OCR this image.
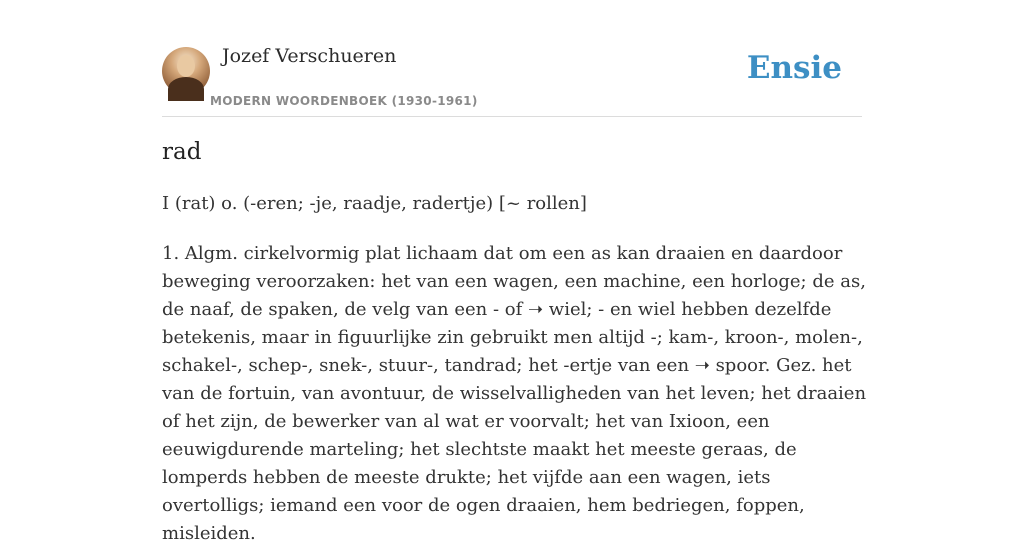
Jozef Verschueren
MODERN WOORDENBOEK (1930-1961)
Ensie
rad
I (rat) o. (-eren; -je, raadje, radertje) [~ rollen]

1. Algm. cirkelvormig plat lichaam dat om een as kan draaien en daardoor beweging veroorzaken: het van een wagen, een machine, een horloge; de as, de naaf, de spaken, de velg van een - of ➝ wiel; - en wiel hebben dezelfde betekenis, maar in figuurlijke zin gebruikt men altijd -; kam-, kroon-, molen-, schakel-, schep-, snek-, stuur-, tandrad; het -ertje van een ➝ spoor. Gez. het van de fortuin, van avontuur, de wisselvalligheden van het leven; het draaien of het zijn, de bewerker van al wat er voorvalt; het van Ixioon, een eeuwigdurende marteling; het slechtste maakt het meeste geraas, de lomperds hebben de meeste drukte; het vijfde aan een wagen, iets overtolligs; iemand een voor de ogen draaien, hem bedriegen, foppen, misleiden.
